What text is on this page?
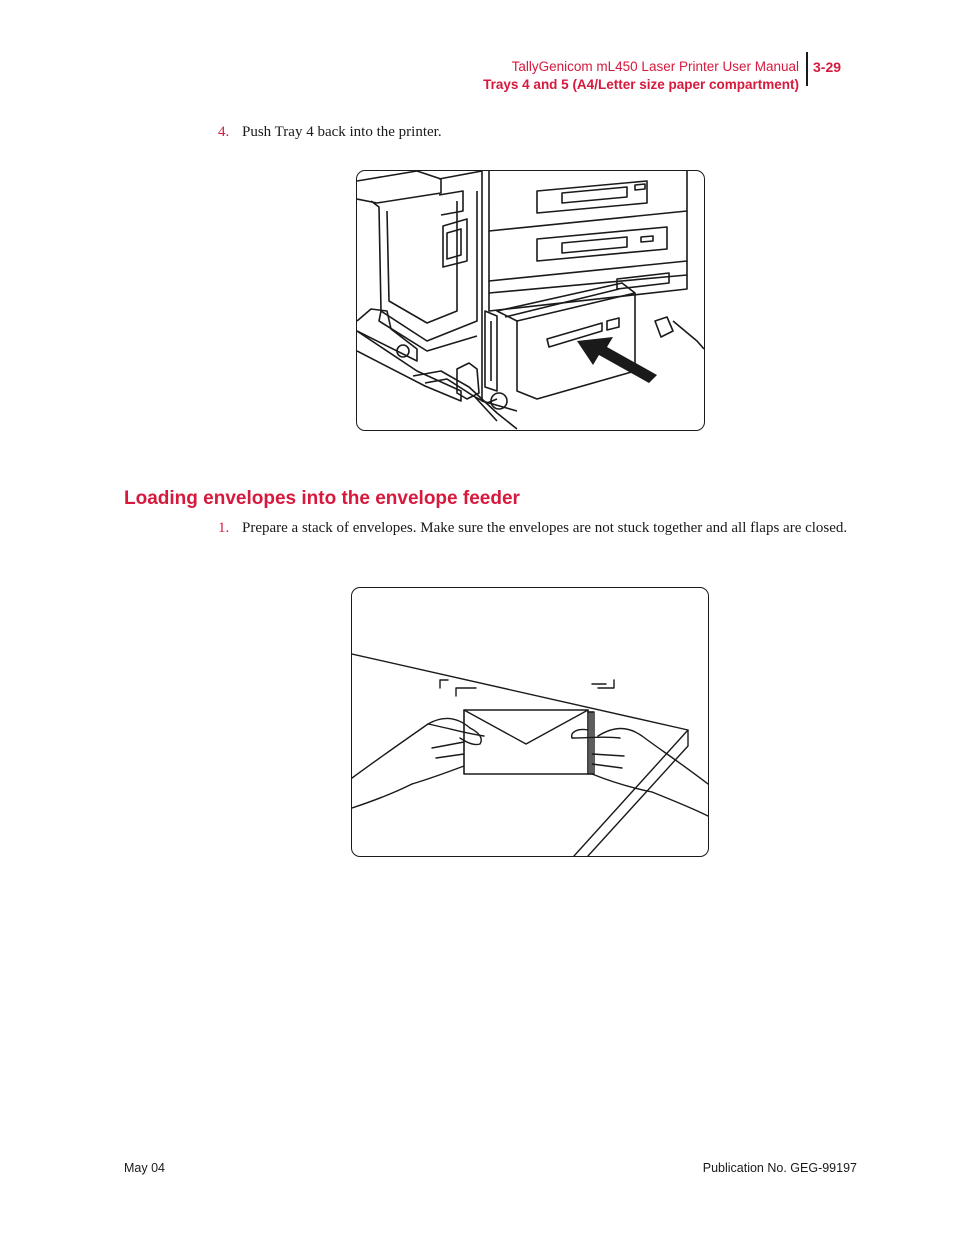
TallyGenicom mL450 Laser Printer User Manual
Trays 4 and 5 (A4/Letter size paper compartment)
3-29
4. Push Tray 4 back into the printer.
Loading envelopes into the envelope feeder
1. Prepare a stack of envelopes. Make sure the envelopes are not stuck together and all flaps are closed.
May 04	Publication No. GEG-99197
